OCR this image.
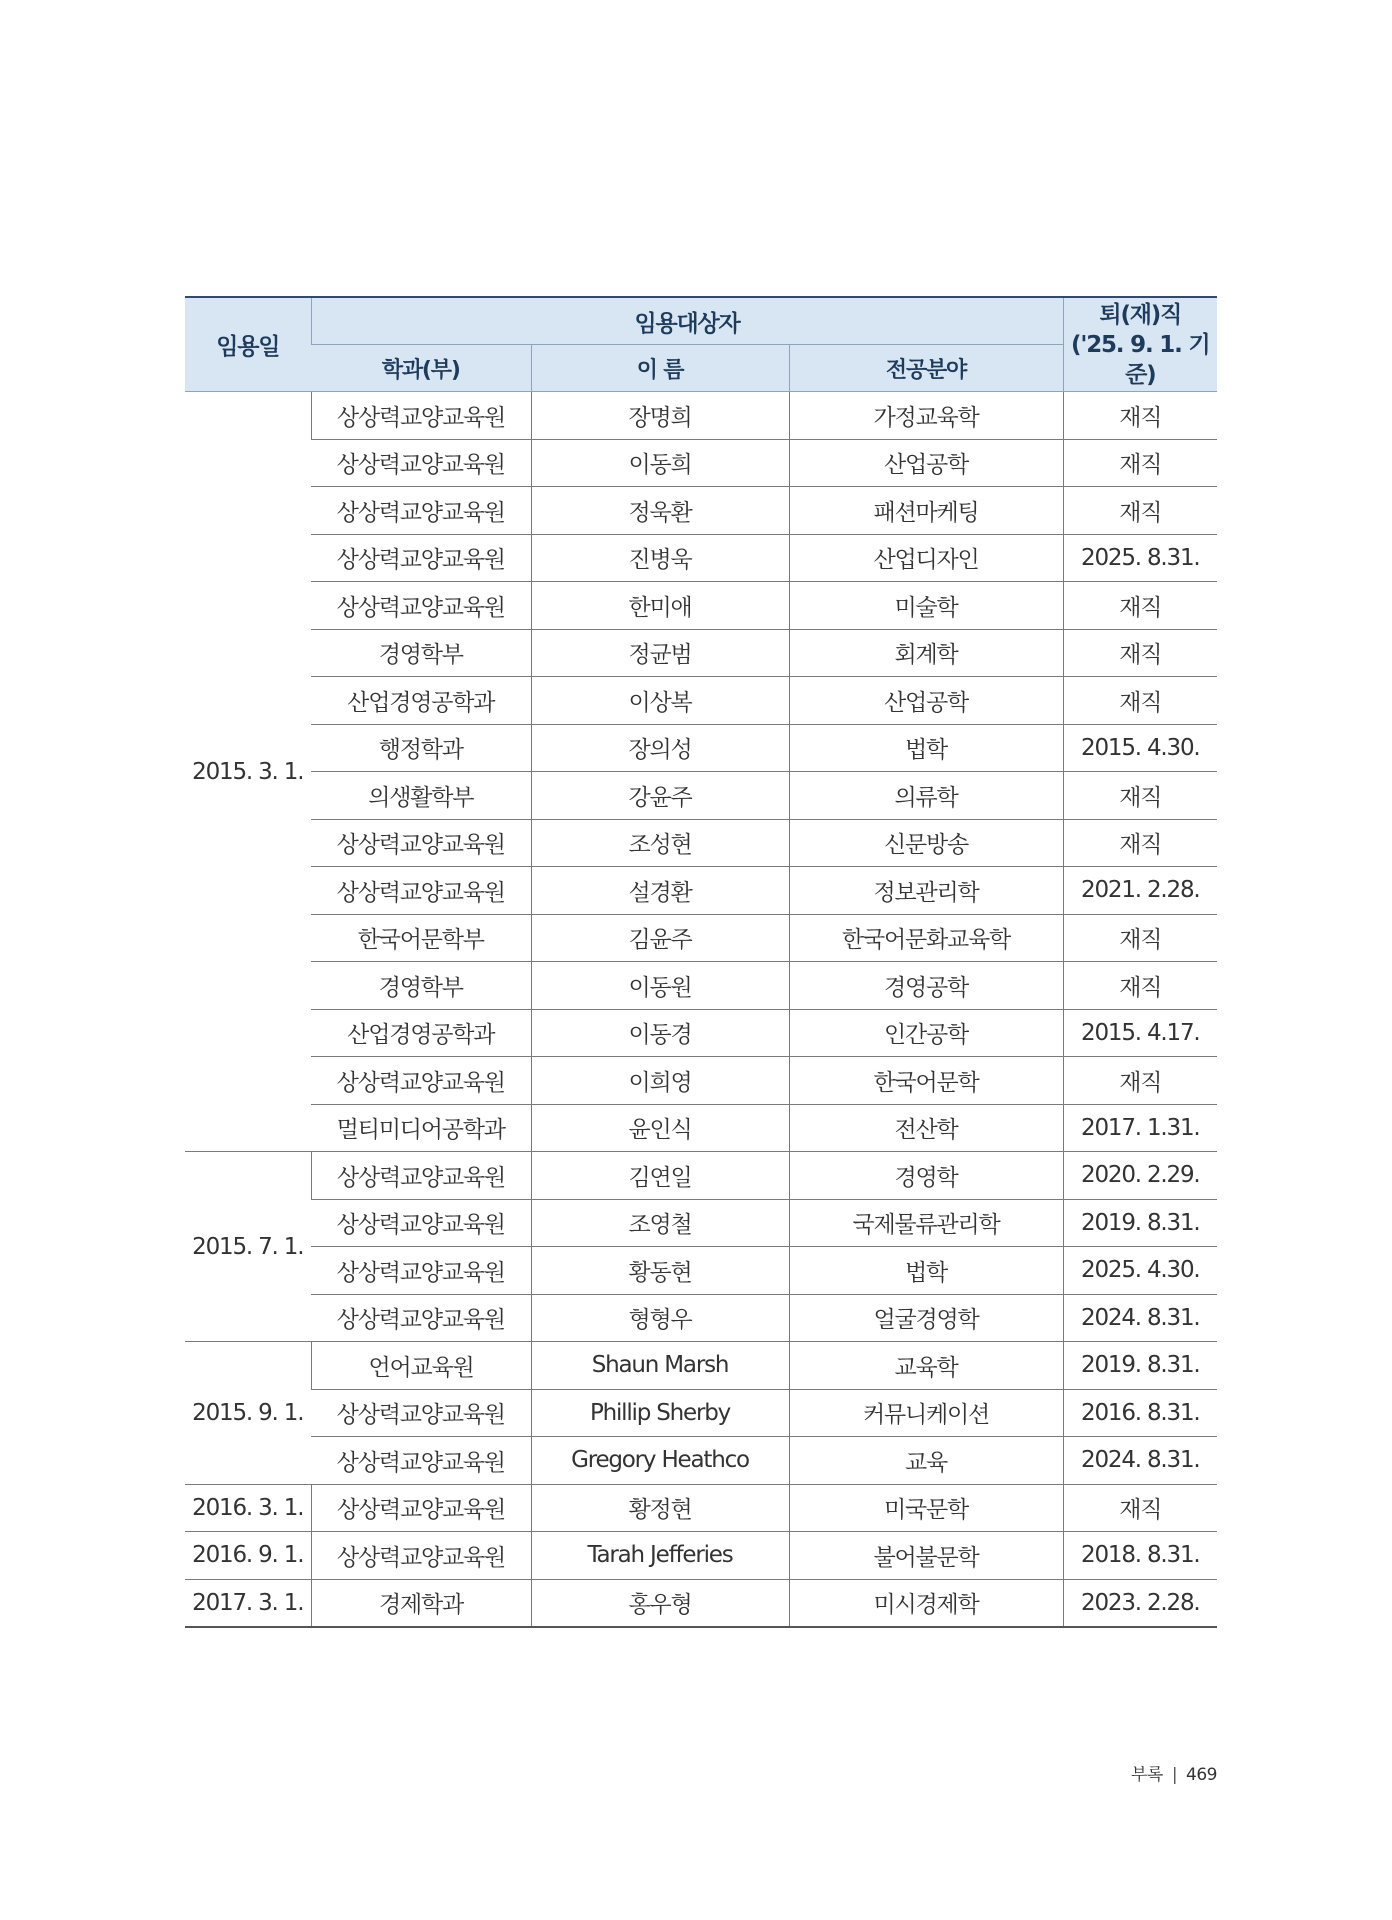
임용일	임용대상자			퇴(재)직
('25. 9. 1. 기준)
	학과(부)	이 름	전공분야	
2015. 3. 1.	상상력교양교육원	장명희	가정교육학	재직
	상상력교양교육원	이동희	산업공학	재직
	상상력교양교육원	정욱환	패션마케팅	재직
	상상력교양교육원	진병욱	산업디자인	2025. 8.31.
	상상력교양교육원	한미애	미술학	재직
	경영학부	정균범	회계학	재직
	산업경영공학과	이상복	산업공학	재직
	행정학과	장의성	법학	2015. 4.30.
	의생활학부	강윤주	의류학	재직
	상상력교양교육원	조성현	신문방송	재직
	상상력교양교육원	설경환	정보관리학	2021. 2.28.
	한국어문학부	김윤주	한국어문화교육학	재직
	경영학부	이동원	경영공학	재직
	산업경영공학과	이동경	인간공학	2015. 4.17.
	상상력교양교육원	이희영	한국어문학	재직
	멀티미디어공학과	윤인식	전산학	2017. 1.31.
2015. 7. 1.	상상력교양교육원	김연일	경영학	2020. 2.29.
	상상력교양교육원	조영철	국제물류관리학	2019. 8.31.
	상상력교양교육원	황동현	법학	2025. 4.30.
	상상력교양교육원	형형우	얼굴경영학	2024. 8.31.
2015. 9. 1.	언어교육원	Shaun Marsh	교육학	2019. 8.31.
	상상력교양교육원	Phillip Sherby	커뮤니케이션	2016. 8.31.
	상상력교양교육원	Gregory Heathco	교육	2024. 8.31.
2016. 3. 1.	상상력교양교육원	황정현	미국문학	재직
2016. 9. 1.	상상력교양교육원	Tarah Jefferies	불어불문학	2018. 8.31.
2017. 3. 1.	경제학과	홍우형	미시경제학	2023. 2.28.
부록 | 469
